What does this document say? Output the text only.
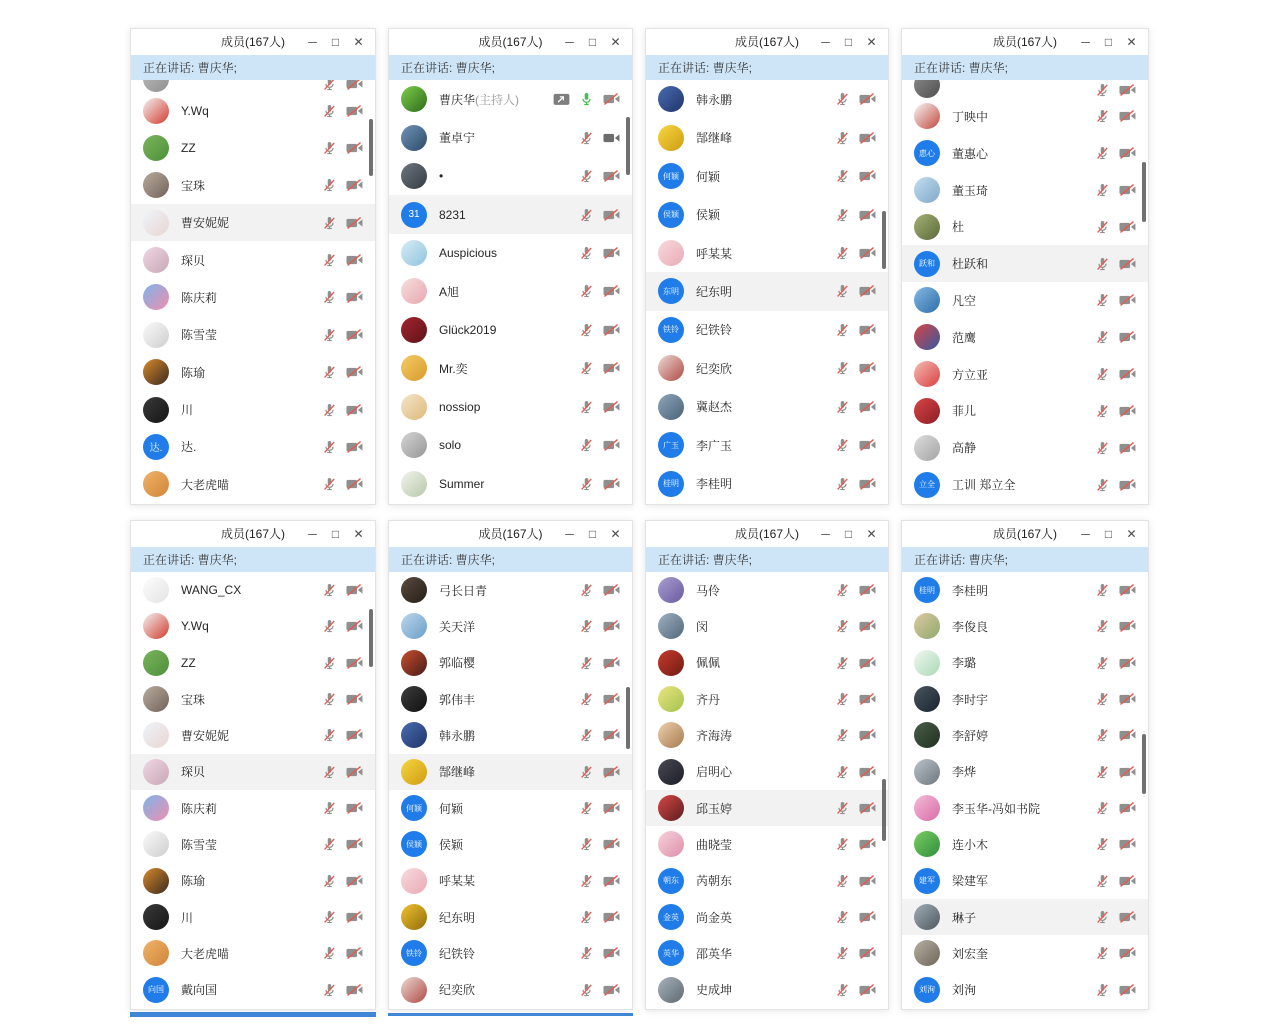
成员(167人)	─	□	✕
正在讲话: 曹庆华;
Y.Wq
ZZ
宝珠
曹安妮妮
琛贝
陈庆莉
陈雪莹
陈瑜
川
达.	达.
大老虎喵
成员(167人)	─	□	✕
正在讲话: 曹庆华;
曹庆华 (主持人)
董卓宁
•
31	8231
Auspicious
A旭
Glück2019
Mr.奕
nossiop
solo
Summer
成员(167人)	─	□	✕
正在讲话: 曹庆华;
韩永鹏
郜继峰
何颖	何颖
侯颖	侯颖
呼某某
东明	纪东明
铁铃	纪铁铃
纪奕欣
冀赵杰
广玉	李广玉
桂明	李桂明
成员(167人)	─	□	✕
正在讲话: 曹庆华;
丁映中
惠心	董惠心
董玉琦
杜
跃和	杜跃和
凡空
范鹰
方立亚
菲儿
高静
立全	工训 郑立全
成员(167人)	─	□	✕
正在讲话: 曹庆华;
WANG_CX
Y.Wq
ZZ
宝珠
曹安妮妮
琛贝
陈庆莉
陈雪莹
陈瑜
川
大老虎喵
向国	戴向国
成员(167人)	─	□	✕
正在讲话: 曹庆华;
弓长日青
关天洋
郭临樱
郭伟丰
韩永鹏
郜继峰
何颖	何颖
侯颖	侯颖
呼某某
纪东明
铁铃	纪铁铃
纪奕欣
成员(167人)	─	□	✕
正在讲话: 曹庆华;
马伶
闵
佩佩
齐丹
齐海涛
启明心
邱玉婷
曲晓莹
朝东	芮朝东
金英	尚金英
英华	邵英华
史成坤
成员(167人)	─	□	✕
正在讲话: 曹庆华;
桂明	李桂明
李俊良
李璐
李时宇
李舒婷
李烨
李玉华-冯如书院
连小木
建军	梁建军
琳子
刘宏奎
刘洵	刘洵
